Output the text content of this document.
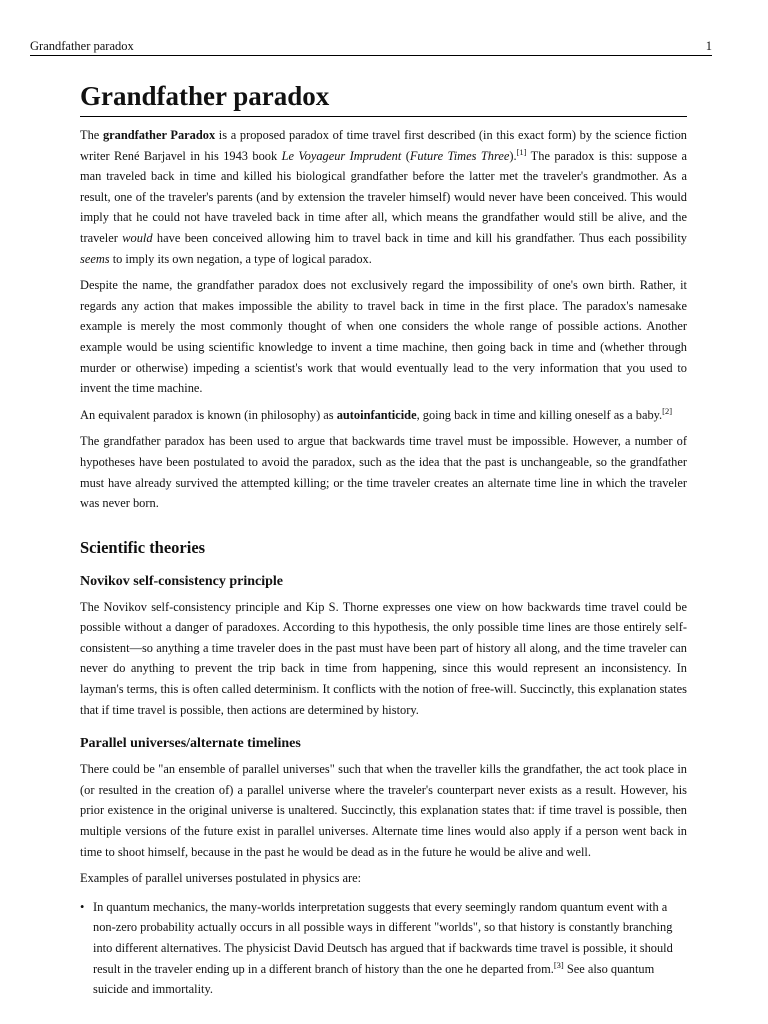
Grandfather paradox	1
Grandfather paradox

The grandfather Paradox is a proposed paradox of time travel first described (in this exact form) by the science fiction writer René Barjavel in his 1943 book Le Voyageur Imprudent (Future Times Three).[1] The paradox is this: suppose a man traveled back in time and killed his biological grandfather before the latter met the traveler's grandmother. As a result, one of the traveler's parents (and by extension the traveler himself) would never have been conceived. This would imply that he could not have traveled back in time after all, which means the grandfather would still be alive, and the traveler would have been conceived allowing him to travel back in time and kill his grandfather. Thus each possibility seems to imply its own negation, a type of logical paradox.

Despite the name, the grandfather paradox does not exclusively regard the impossibility of one's own birth. Rather, it regards any action that makes impossible the ability to travel back in time in the first place. The paradox's namesake example is merely the most commonly thought of when one considers the whole range of possible actions. Another example would be using scientific knowledge to invent a time machine, then going back in time and (whether through murder or otherwise) impeding a scientist's work that would eventually lead to the very information that you used to invent the time machine.

An equivalent paradox is known (in philosophy) as autoinfanticide, going back in time and killing oneself as a baby.[2]

The grandfather paradox has been used to argue that backwards time travel must be impossible. However, a number of hypotheses have been postulated to avoid the paradox, such as the idea that the past is unchangeable, so the grandfather must have already survived the attempted killing; or the time traveler creates an alternate time line in which the traveler was never born.

Scientific theories
Novikov self-consistency principle

The Novikov self-consistency principle and Kip S. Thorne expresses one view on how backwards time travel could be possible without a danger of paradoxes. According to this hypothesis, the only possible time lines are those entirely self-consistent—so anything a time traveler does in the past must have been part of history all along, and the time traveler can never do anything to prevent the trip back in time from happening, since this would represent an inconsistency. In layman's terms, this is often called determinism. It conflicts with the notion of free-will. Succinctly, this explanation states that if time travel is possible, then actions are determined by history.

Parallel universes/alternate timelines

There could be "an ensemble of parallel universes" such that when the traveller kills the grandfather, the act took place in (or resulted in the creation of) a parallel universe where the traveler's counterpart never exists as a result. However, his prior existence in the original universe is unaltered. Succinctly, this explanation states that: if time travel is possible, then multiple versions of the future exist in parallel universes. Alternate time lines would also apply if a person went back in time to shoot himself, because in the past he would be dead as in the future he would be alive and well.

Examples of parallel universes postulated in physics are:

• In quantum mechanics, the many-worlds interpretation suggests that every seemingly random quantum event with a non-zero probability actually occurs in all possible ways in different "worlds", so that history is constantly branching into different alternatives. The physicist David Deutsch has argued that if backwards time travel is possible, it should result in the traveler ending up in a different branch of history than the one he departed from.[3] See also quantum suicide and immortality.
